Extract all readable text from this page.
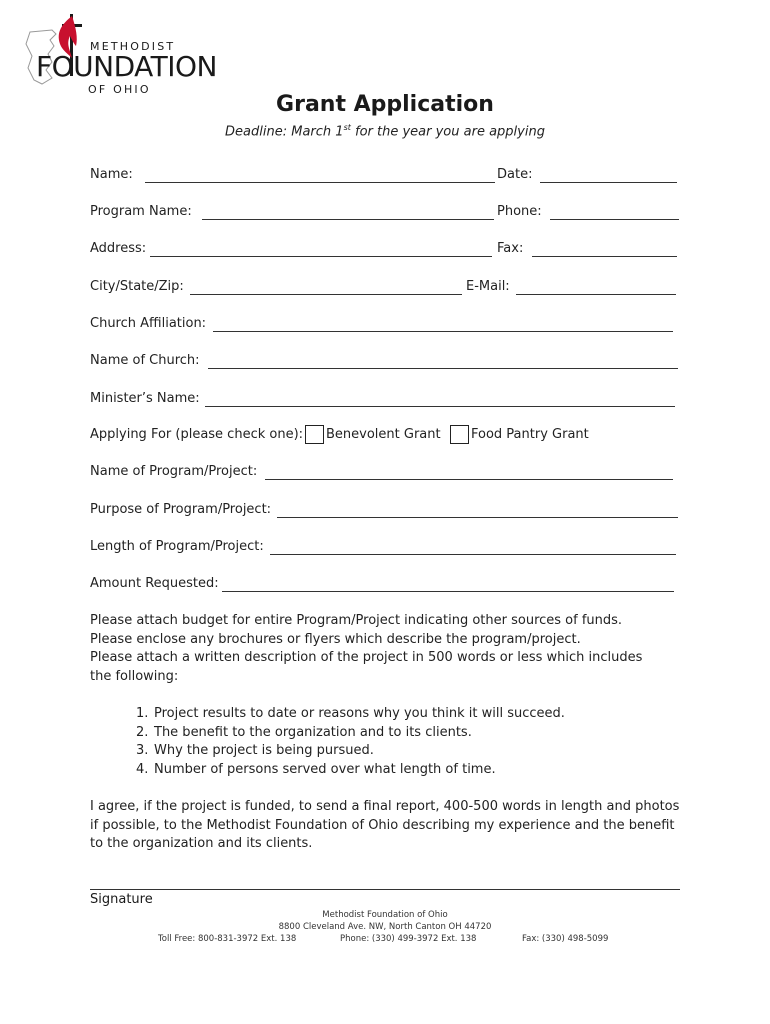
METHODIST
FOUNDATION
OF OHIO
Grant Application
Deadline: March 1st for the year you are applying
Name:	Date:
Program Name:	Phone:
Address:	Fax:
City/State/Zip:	E-Mail:
Church Affiliation:
Name of Church:
Minister’s Name:
Applying For (please check one): Benevolent Grant Food Pantry Grant
Name of Program/Project:
Purpose of Program/Project:
Length of Program/Project:
Amount Requested:
Please attach budget for entire Program/Project indicating other sources of funds.
Please enclose any brochures or flyers which describe the program/project.
Please attach a written description of the project in 500 words or less which includes the following:
1. Project results to date or reasons why you think it will succeed.
2. The benefit to the organization and to its clients.
3. Why the project is being pursued.
4. Number of persons served over what length of time.
I agree, if the project is funded, to send a final report, 400-500 words in length and photos if possible, to the Methodist Foundation of Ohio describing my experience and the benefit to the organization and its clients.
Signature
Methodist Foundation of Ohio
8800 Cleveland Ave. NW, North Canton OH 44720
Toll Free: 800-831-3972 Ext. 138	Phone: (330) 499-3972 Ext. 138	Fax: (330) 498-5099
